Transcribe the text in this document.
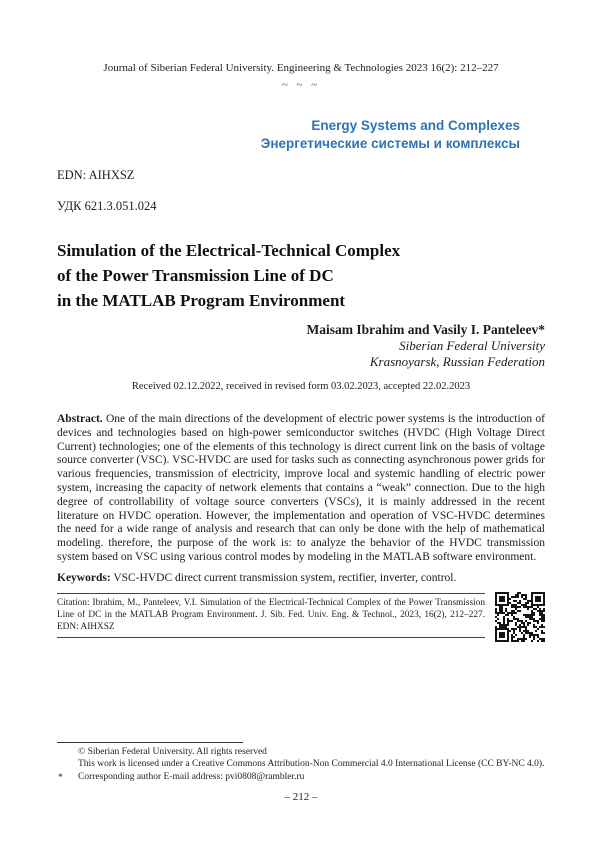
Journal of Siberian Federal University. Engineering & Technologies 2023 16(2): 212–227
~ ~ ~
Energy Systems and Complexes
Энергетические системы и комплексы
EDN: AIHXSZ
УДК 621.3.051.024
Simulation of the Electrical-Technical Complex
of the Power Transmission Line of DC
in the MATLAB Program Environment
Maisam Ibrahim and Vasily I. Panteleev*
Siberian Federal University
Krasnoyarsk, Russian Federation
Received 02.12.2022, received in revised form 03.02.2023, accepted 22.02.2023

Abstract. One of the main directions of the development of electric power systems is the introduction of devices and technologies based on high-power semiconductor switches (HVDC (High Voltage Direct Current) technologies; one of the elements of this technology is direct current link on the basis of voltage source converter (VSC). VSC-HVDC are used for tasks such as connecting asynchronous power grids for various frequencies, transmission of electricity, improve local and systemic handling of electric power system, increasing the capacity of network elements that contains a “weak” connection. Due to the high degree of controllability of voltage source converters (VSCs), it is mainly addressed in the recent literature on HVDC operation. However, the implementation and operation of VSC-HVDC determines the need for a wide range of analysis and research that can only be done with the help of mathematical modeling. therefore, the purpose of the work is: to analyze the behavior of the HVDC transmission system based on VSC using various control modes by modeling in the MATLAB software environment.

Keywords: VSC-HVDC direct current transmission system, rectifier, inverter, control.

Citation: Ibrahim, M., Panteleev, V.I. Simulation of the Electrical-Technical Complex of the Power Transmission Line of DC in the MATLAB Program Environment. J. Sib. Fed. Univ. Eng. & Technol., 2023, 16(2), 212–227. EDN: AIHXSZ
© Siberian Federal University. All rights reserved
This work is licensed under a Creative Commons Attribution-Non Commercial 4.0 International License (CC BY-NC 4.0).
* Corresponding author E-mail address: pvi0808@rambler.ru
– 212 –
